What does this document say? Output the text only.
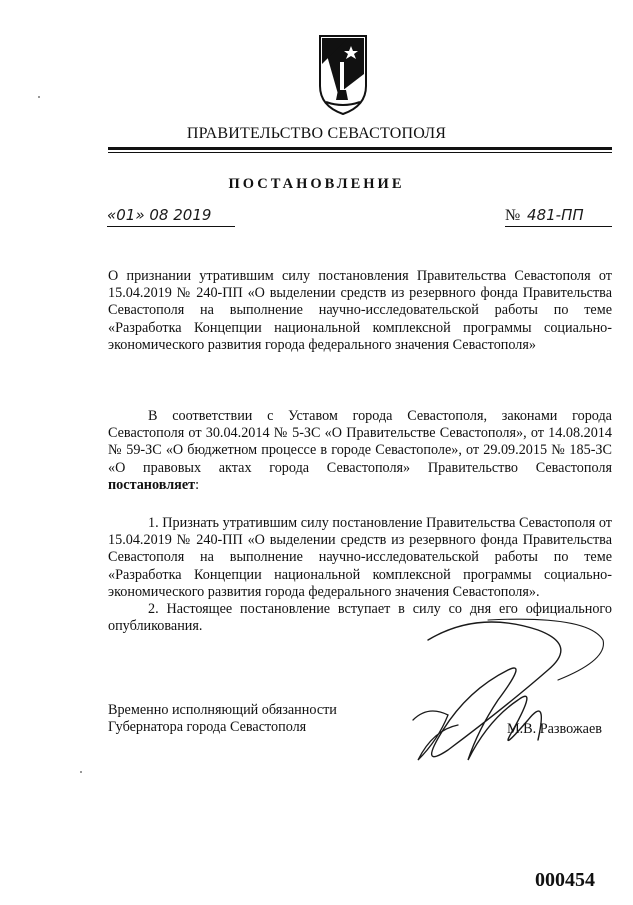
ПРАВИТЕЛЬСТВО СЕВАСТОПОЛЯ
ПОСТАНОВЛЕНИЕ
«01» 08 2019	№ 481-ПП
О признании утратившим силу постановления Правительства Севастополя от 15.04.2019 № 240-ПП «О выделении средств из резервного фонда Правительства Севастополя на выполнение научно-исследовательской работы по теме «Разработка Концепции национальной комплексной программы социально-экономического развития города федерального значения Севастополя»
В соответствии с Уставом города Севастополя, законами города Севастополя от 30.04.2014 № 5-ЗС «О Правительстве Севастополя», от 14.08.2014 № 59-ЗС «О бюджетном процессе в городе Севастополе», от 29.09.2015 № 185-ЗС «О правовых актах города Севастополя» Правительство Севастополя постановляет:

1. Признать утратившим силу постановление Правительства Севастополя от 15.04.2019 № 240-ПП «О выделении средств из резервного фонда Правительства Севастополя на выполнение научно-исследовательской работы по теме «Разработка Концепции национальной комплексной программы социально-экономического развития города федерального значения Севастополя».

2. Настоящее постановление вступает в силу со дня его официального опубликования.

Временно исполняющий обязанности
Губернатора города Севастополя	М.В. Развожаев
000454
